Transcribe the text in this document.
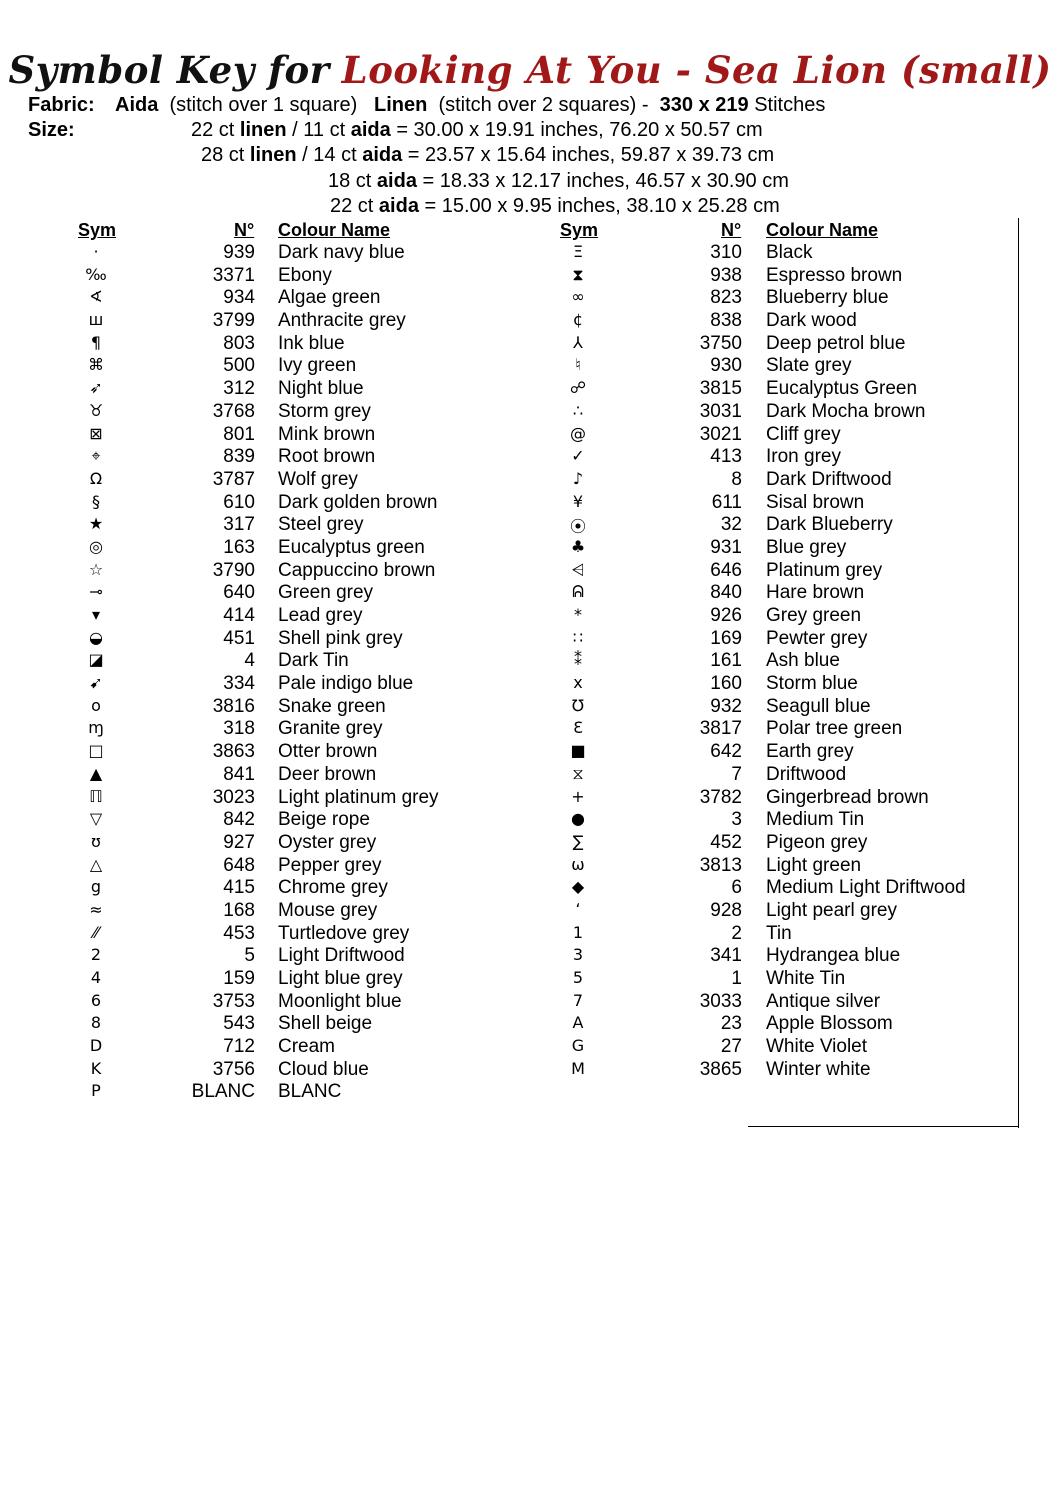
Symbol Key for Looking At You - Sea Lion (small)
Fabric: Aida (stitch over 1 square) Linen (stitch over 2 squares) - 330 x 219 Stitches
Size:	22 ct linen / 11 ct aida = 30.00 x 19.91 inches, 76.20 x 50.57 cm
28 ct linen / 14 ct aida = 23.57 x 15.64 inches, 59.87 x 39.73 cm
18 ct aida = 18.33 x 12.17 inches, 46.57 x 30.90 cm
22 ct aida = 15.00 x 9.95 inches, 38.10 x 25.28 cm
Sym	N° Colour Name
·	939 Dark navy blue
‰	3371 Ebony
∢	934 Algae green
ш	3799 Anthracite grey
¶	803 Ink blue
⌘	500 Ivy green
➶	312 Night blue
♉	3768 Storm grey
⊠	801 Mink brown
⌖	839 Root brown
Ω	3787 Wolf grey
§	610 Dark golden brown
★	317 Steel grey
◎	163 Eucalyptus green
☆	3790 Cappuccino brown
⊸	640 Green grey
▾	414 Lead grey
◒	451 Shell pink grey
◪	4 Dark Tin
➹	334 Pale indigo blue
o	3816 Snake green
ɱ	318 Granite grey
□	3863 Otter brown
▲	841 Deer brown
ℿ	3023 Light platinum grey
▽	842 Beige rope
ʊ	927 Oyster grey
△	648 Pepper grey
g	415 Chrome grey
≈	168 Mouse grey
⁄⁄	453 Turtledove grey
2	5 Light Driftwood
4	159 Light blue grey
6	3753 Moonlight blue
8	543 Shell beige
D	712 Cream
K	3756 Cloud blue
P	BLANC BLANC
Sym	N° Colour Name
Ξ	310 Black
⧗	938 Espresso brown
∞	823 Blueberry blue
¢	838 Dark wood
⅄	3750 Deep petrol blue
♮	930 Slate grey
☍	3815 Eucalyptus Green
∴	3031 Dark Mocha brown
@	3021 Cliff grey
✓	413 Iron grey
♪	8 Dark Driftwood
¥	611 Sisal brown
⦿	32 Dark Blueberry
♣	931 Blue grey
⩤	646 Platinum grey
ᕱ	840 Hare brown
*	926 Grey green
∷	169 Pewter grey
⁑	161 Ash blue
x	160 Storm blue
℧	932 Seagull blue
Ɛ	3817 Polar tree green
■	642 Earth grey
⧖	7 Driftwood
+	3782 Gingerbread brown
●	3 Medium Tin
∑	452 Pigeon grey
ω	3813 Light green
◆	6 Medium Light Driftwood
ʻ	928 Light pearl grey
1	2 Tin
3	341 Hydrangea blue
5	1 White Tin
7	3033 Antique silver
A	23 Apple Blossom
G	27 White Violet
M	3865 Winter white
